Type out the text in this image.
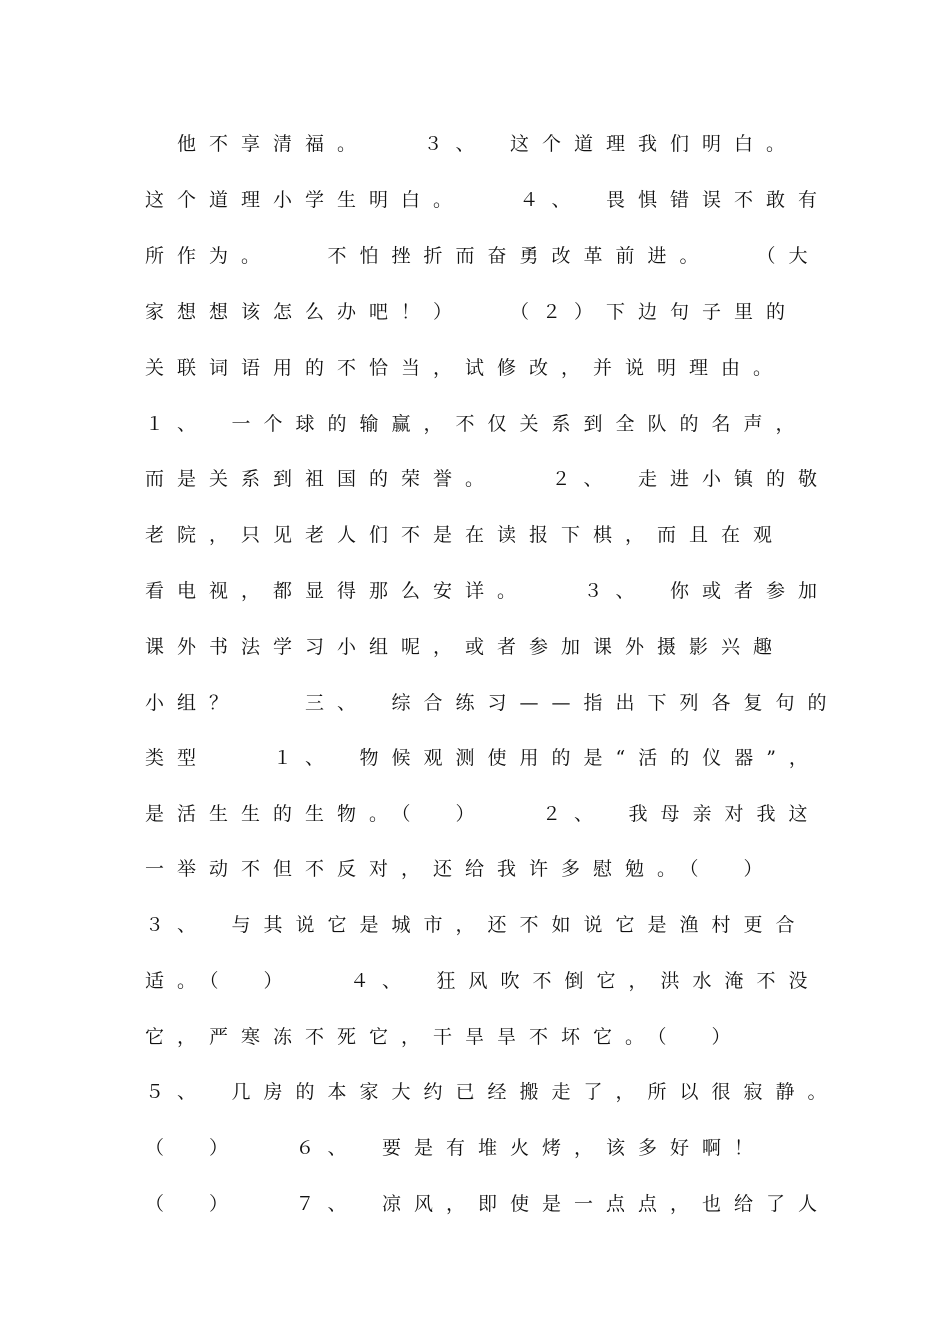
　他不享清福。　　３、　这个道理我们明白。
这个道理小学生明白。　　４、　畏惧错误不敢有
所作为。　　不怕挫折而奋勇改革前进。　　（大
家想想该怎么办吧！）　　（２）下边句子里的
关联词语用的不恰当，试修改，并说明理由。
１、　一个球的输赢，不仅关系到全队的名声，
而是关系到祖国的荣誉。　　２、　走进小镇的敬
老院，只见老人们不是在读报下棋，而且在观
看电视，都显得那么安详。　　３、　你或者参加
课外书法学习小组呢，或者参加课外摄影兴趣
小组？　　三、　综合练习——指出下列各复句的
类型　　１、　物候观测使用的是“活的仪器”，
是活生生的生物。（　）　　２、　我母亲对我这
一举动不但不反对，还给我许多慰勉。（　）
３、　与其说它是城市，还不如说它是渔村更合
适。（　）　　４、　狂风吹不倒它，洪水淹不没
它，严寒冻不死它，干旱旱不坏它。（　）
５、　几房的本家大约已经搬走了，所以很寂静。
（　）　　６、　要是有堆火烤，该多好啊！
（　）　　７、　凉风，即使是一点点，也给了人
